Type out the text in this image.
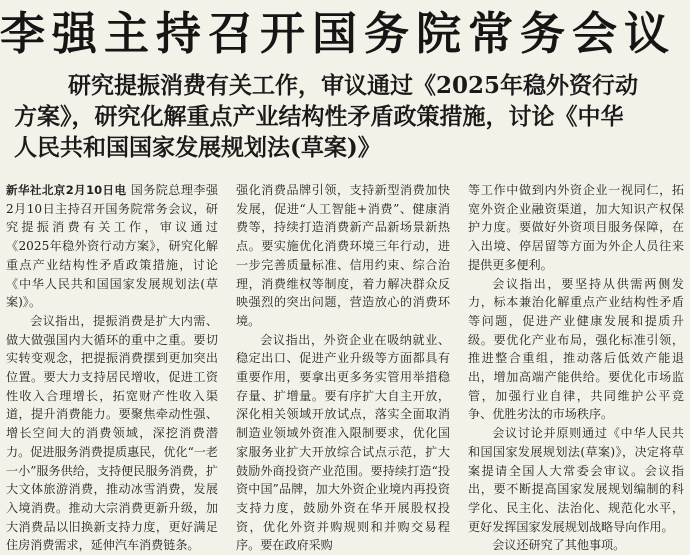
李强主持召开国务院常务会议
研究提振消费有关工作，审议通过《2025年稳外资行动
方案》，研究化解重点产业结构性矛盾政策措施，讨论《中华
人民共和国国家发展规划法(草案)》

新华社北京2月10日电 国务院总理李强2月10日主持召开国务院常务会议，研究提振消费有关工作，审议通过《2025年稳外资行动方案》，研究化解重点产业结构性矛盾政策措施，讨论《中华人民共和国国家发展规划法(草案)》。

会议指出，提振消费是扩大内需、做大做强国内大循环的重中之重。要切实转变观念，把提振消费摆到更加突出位置。要大力支持居民增收，促进工资性收入合理增长，拓宽财产性收入渠道，提升消费能力。要聚焦牵动性强、增长空间大的消费领域，深挖消费潜力。促进服务消费提质惠民，优化“一老一小”服务供给，支持便民服务消费，扩大文体旅游消费，推动冰雪消费，发展入境消费。推动大宗消费更新升级，加大消费品以旧换新支持力度，更好满足住房消费需求，延伸汽车消费链条。

强化消费品牌引领，支持新型消费加快发展，促进“人工智能+消费”、健康消费等，持续打造消费新产品新场景新热点。要实施优化消费环境三年行动，进一步完善质量标准、信用约束、综合治理，消费维权等制度，着力解决群众反映强烈的突出问题，营造放心的消费环境。

会议指出，外资企业在吸纳就业、稳定出口、促进产业升级等方面都具有重要作用，要拿出更多务实管用举措稳存量、扩增量。要有序扩大自主开放，深化相关领域开放试点，落实全面取消制造业领域外资准入限制要求，优化国家服务业扩大开放综合试点示范，扩大鼓励外商投资产业范围。要持续打造“投资中国”品牌，加大外资企业境内再投资支持力度，鼓励外资在华开展股权投资，优化外资并购规则和并购交易程序。要在政府采购

等工作中做到内外资企业一视同仁，拓宽外资企业融资渠道，加大知识产权保护力度。要做好外资项目服务保障，在入出境、停居留等方面为外企人员往来提供更多便利。

会议指出，要坚持从供需两侧发力，标本兼治化解重点产业结构性矛盾等问题，促进产业健康发展和提质升级。要优化产业布局，强化标准引领，推进整合重组，推动落后低效产能退出，增加高端产能供给。要优化市场监管，加强行业自律，共同维护公平竞争、优胜劣汰的市场秩序。

会议讨论并原则通过《中华人民共和国国家发展规划法(草案)》，决定将草案提请全国人大常委会审议。会议指出，要不断提高国家发展规划编制的科学化、民主化、法治化、规范化水平，更好发挥国家发展规划战略导向作用。

会议还研究了其他事项。
